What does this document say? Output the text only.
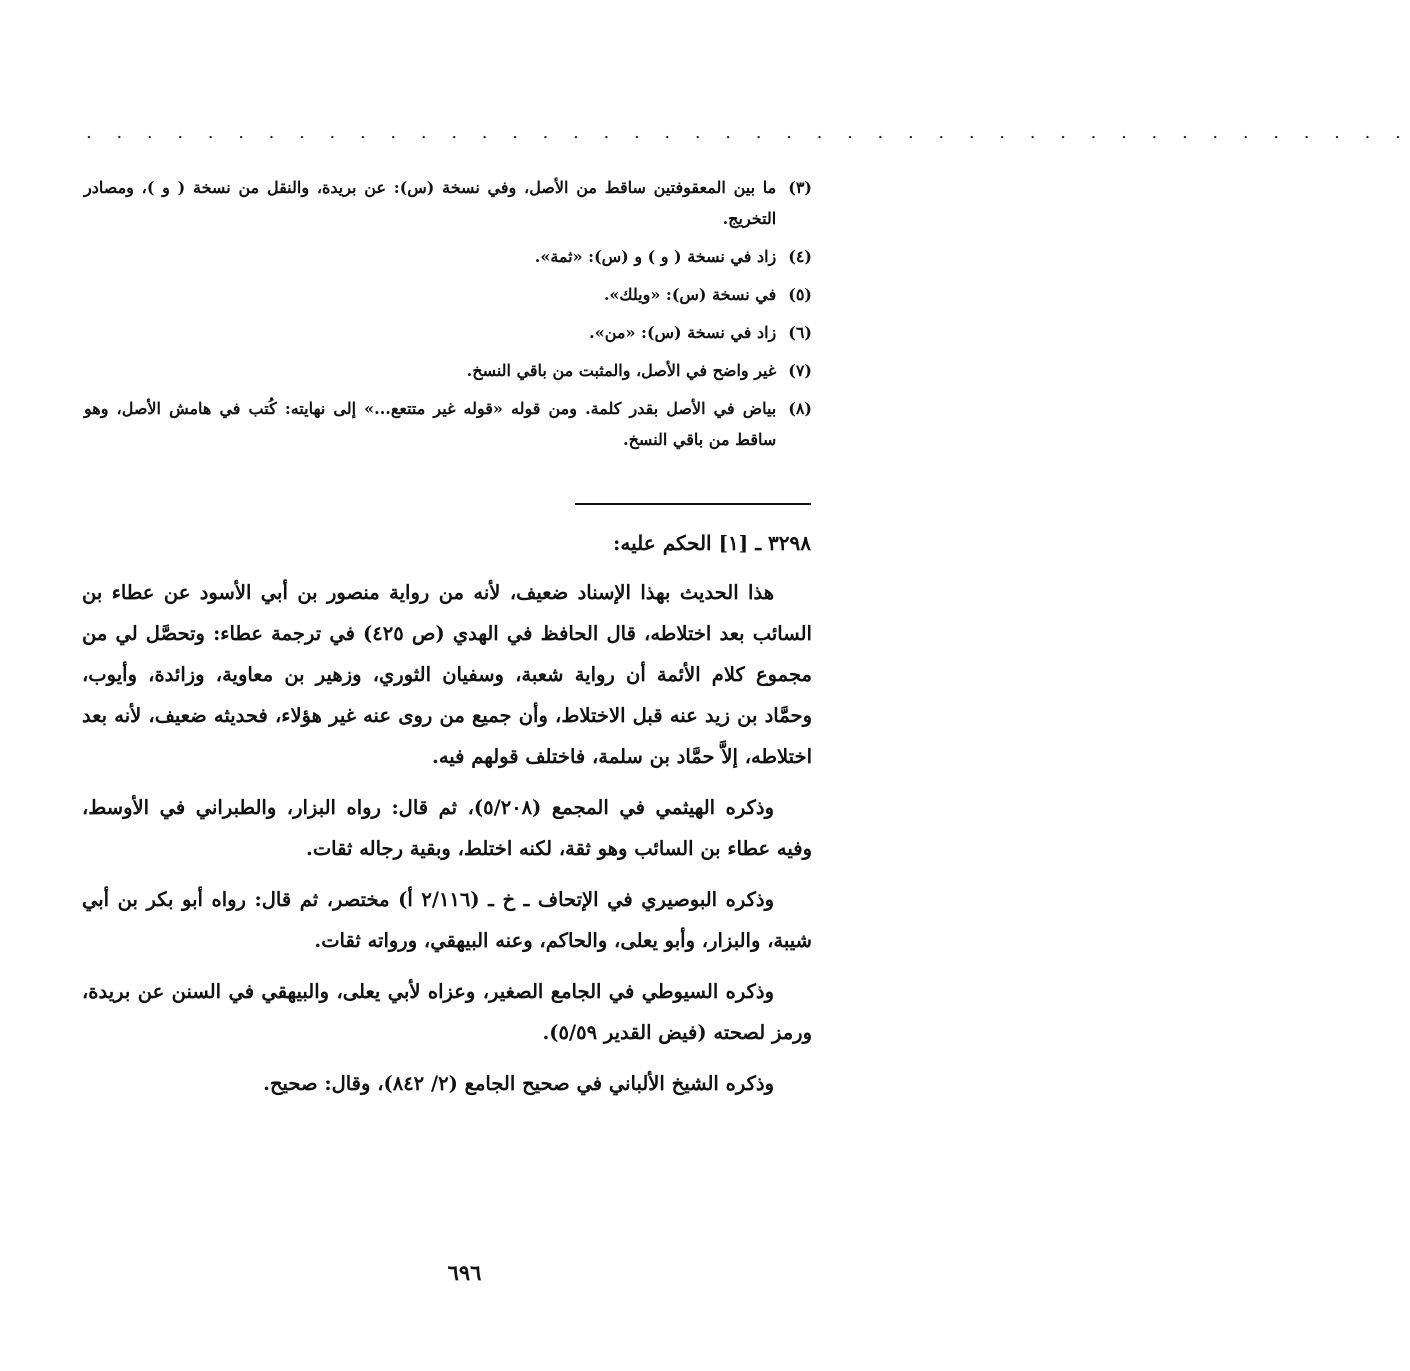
. . . . . . . . . . . . . . . . . . . . . . . . . . . . . . . . . . . . . . . . . . . .
(٣)
ما بين المعقوفتين ساقط من الأصل، وفي نسخة (س): عن بريدة، والنقل من نسخة ( و )، ومصادر التخريج.
(٤)
زاد في نسخة ( و ) و (س): «ثمة».
(٥)
في نسخة (س): «ويلك».
(٦)
زاد في نسخة (س): «من».
(٧)
غير واضح في الأصل، والمثبت من باقي النسخ.
(٨)
بياض في الأصل بقدر كلمة. ومن قوله «قوله غير متتعع...» إلى نهايته: كُتب في هامش الأصل، وهو ساقط من باقي النسخ.
٣٢٩٨ ـ [١] الحكم عليه:

هذا الحديث بهذا الإسناد ضعيف، لأنه من رواية منصور بن أبي الأسود عن عطاء بن السائب بعد اختلاطه، قال الحافظ في الهدي (ص ٤٢٥) في ترجمة عطاء: وتحصَّل لي من مجموع كلام الأئمة أن رواية شعبة، وسفيان الثوري، وزهير بن معاوية، وزائدة، وأيوب، وحمَّاد بن زيد عنه قبل الاختلاط، وأن جميع من روى عنه غير هؤلاء، فحديثه ضعيف، لأنه بعد اختلاطه، إلاَّ حمَّاد بن سلمة، فاختلف قولهم فيه.

وذكره الهيثمي في المجمع (٥/٢٠٨)، ثم قال: رواه البزار، والطبراني في الأوسط، وفيه عطاء بن السائب وهو ثقة، لكنه اختلط، وبقية رجاله ثقات.

وذكره البوصيري في الإتحاف ـ خ ـ (٢/١١٦ أ) مختصر، ثم قال: رواه أبو بكر بن أبي شيبة، والبزار، وأبو يعلى، والحاكم، وعنه البيهقي، ورواته ثقات.

وذكره السيوطي في الجامع الصغير، وعزاه لأبي يعلى، والبيهقي في السنن عن بريدة، ورمز لصحته (فيض القدير ٥/٥٩).

وذكره الشيخ الألباني في صحيح الجامع (٢/ ٨٤٢)، وقال: صحيح.

٦٩٦
